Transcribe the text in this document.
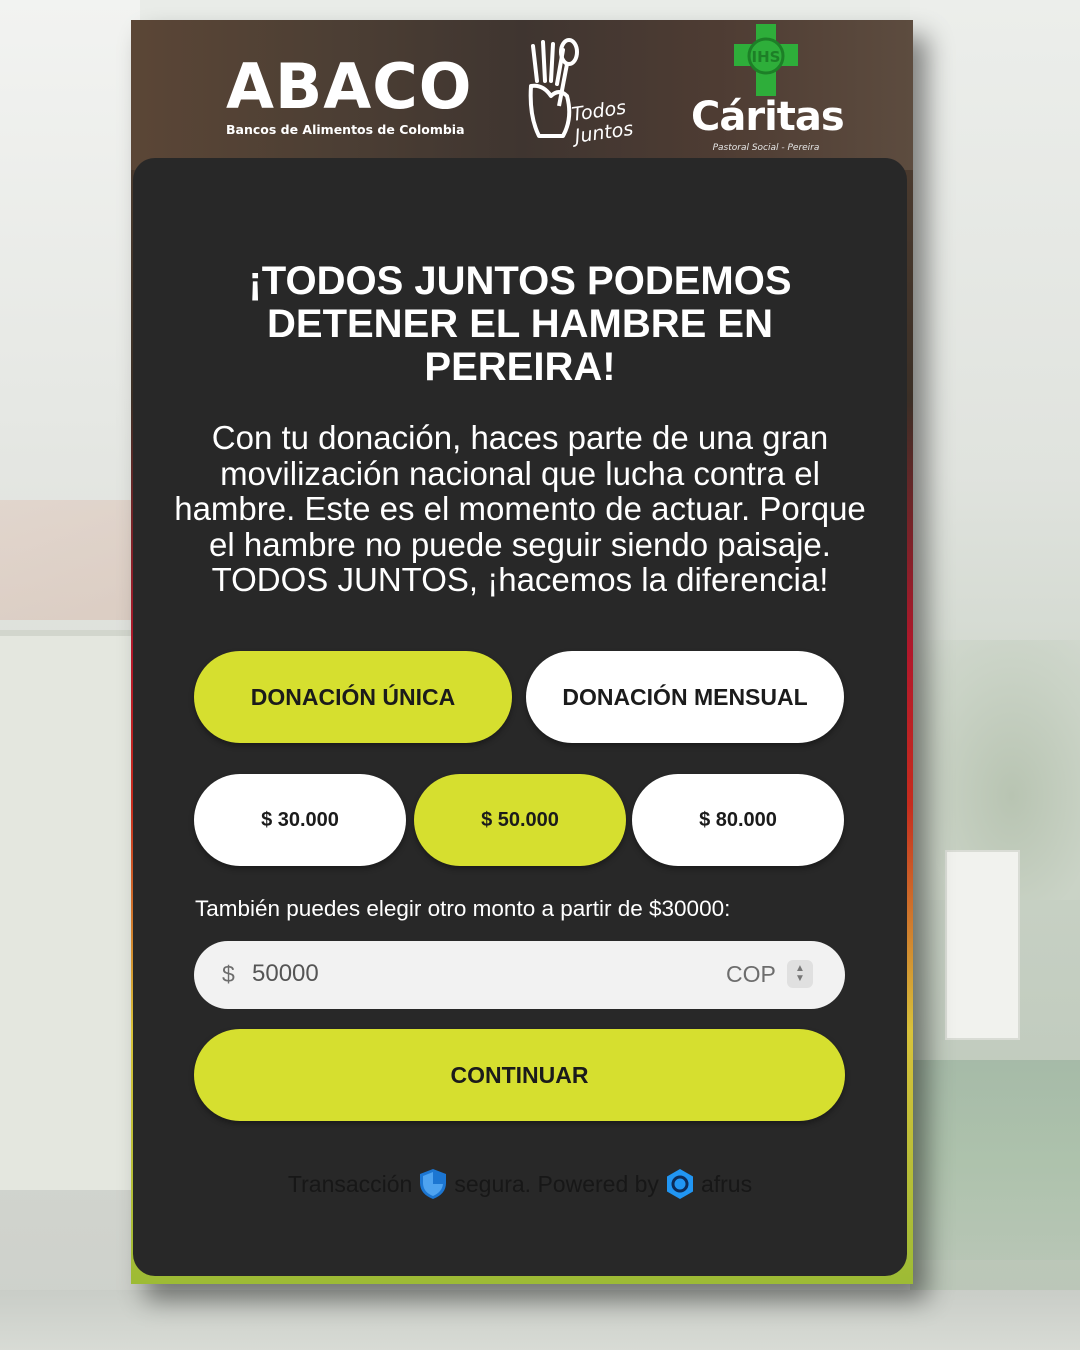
ABACO
Bancos de Alimentos de Colombia
Todos Juntos
IHS
Cáritas
Pastoral Social - Pereira
¡TODOS JUNTOS PODEMOS DETENER EL HAMBRE EN PEREIRA!
Con tu donación, haces parte de una gran movilización nacional que lucha contra el hambre. Este es el momento de actuar. Porque el hambre no puede seguir siendo paisaje. TODOS JUNTOS, ¡hacemos la diferencia!
DONACIÓN ÚNICA	DONACIÓN MENSUAL
$ 30.000	$ 50.000	$ 80.000
También puedes elegir otro monto a partir de $30000:
$
50000	COP ▲
▼
CONTINUAR
Transacción segura. Powered by afrus
